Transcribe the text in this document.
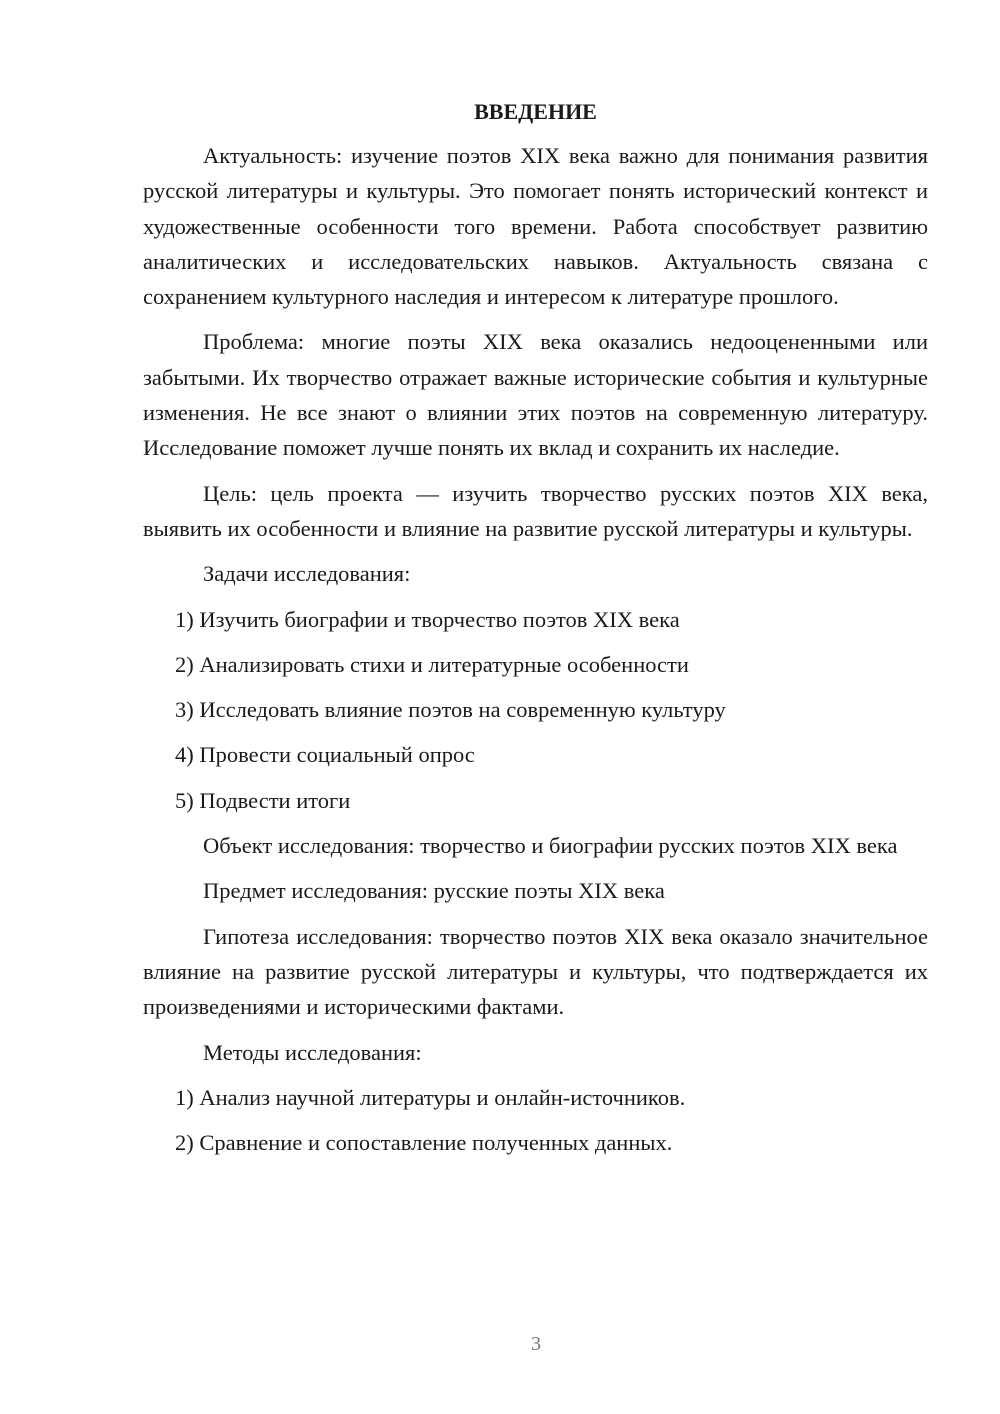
ВВЕДЕНИЕ
Актуальность: изучение поэтов XIX века важно для понимания развития русской литературы и культуры. Это помогает понять исторический контекст и художественные особенности того времени. Работа способствует развитию аналитических и исследовательских навыков. Актуальность связана с сохранением культурного наследия и интересом к литературе прошлого.
Проблема: многие поэты XIX века оказались недооцененными или забытыми. Их творчество отражает важные исторические события и культурные изменения. Не все знают о влиянии этих поэтов на современную литературу. Исследование поможет лучше понять их вклад и сохранить их наследие.
Цель: цель проекта — изучить творчество русских поэтов XIX века, выявить их особенности и влияние на развитие русской литературы и культуры.
Задачи исследования:
1) Изучить биографии и творчество поэтов XIX века
2) Анализировать стихи и литературные особенности
3) Исследовать влияние поэтов на современную культуру
4) Провести социальный опрос
5) Подвести итоги
Объект исследования: творчество и биографии русских поэтов XIX века
Предмет исследования: русские поэты XIX века
Гипотеза исследования: творчество поэтов XIX века оказало значительное влияние на развитие русской литературы и культуры, что подтверждается их произведениями и историческими фактами.
Методы исследования:
1) Анализ научной литературы и онлайн-источников.
2) Сравнение и сопоставление полученных данных.
3
